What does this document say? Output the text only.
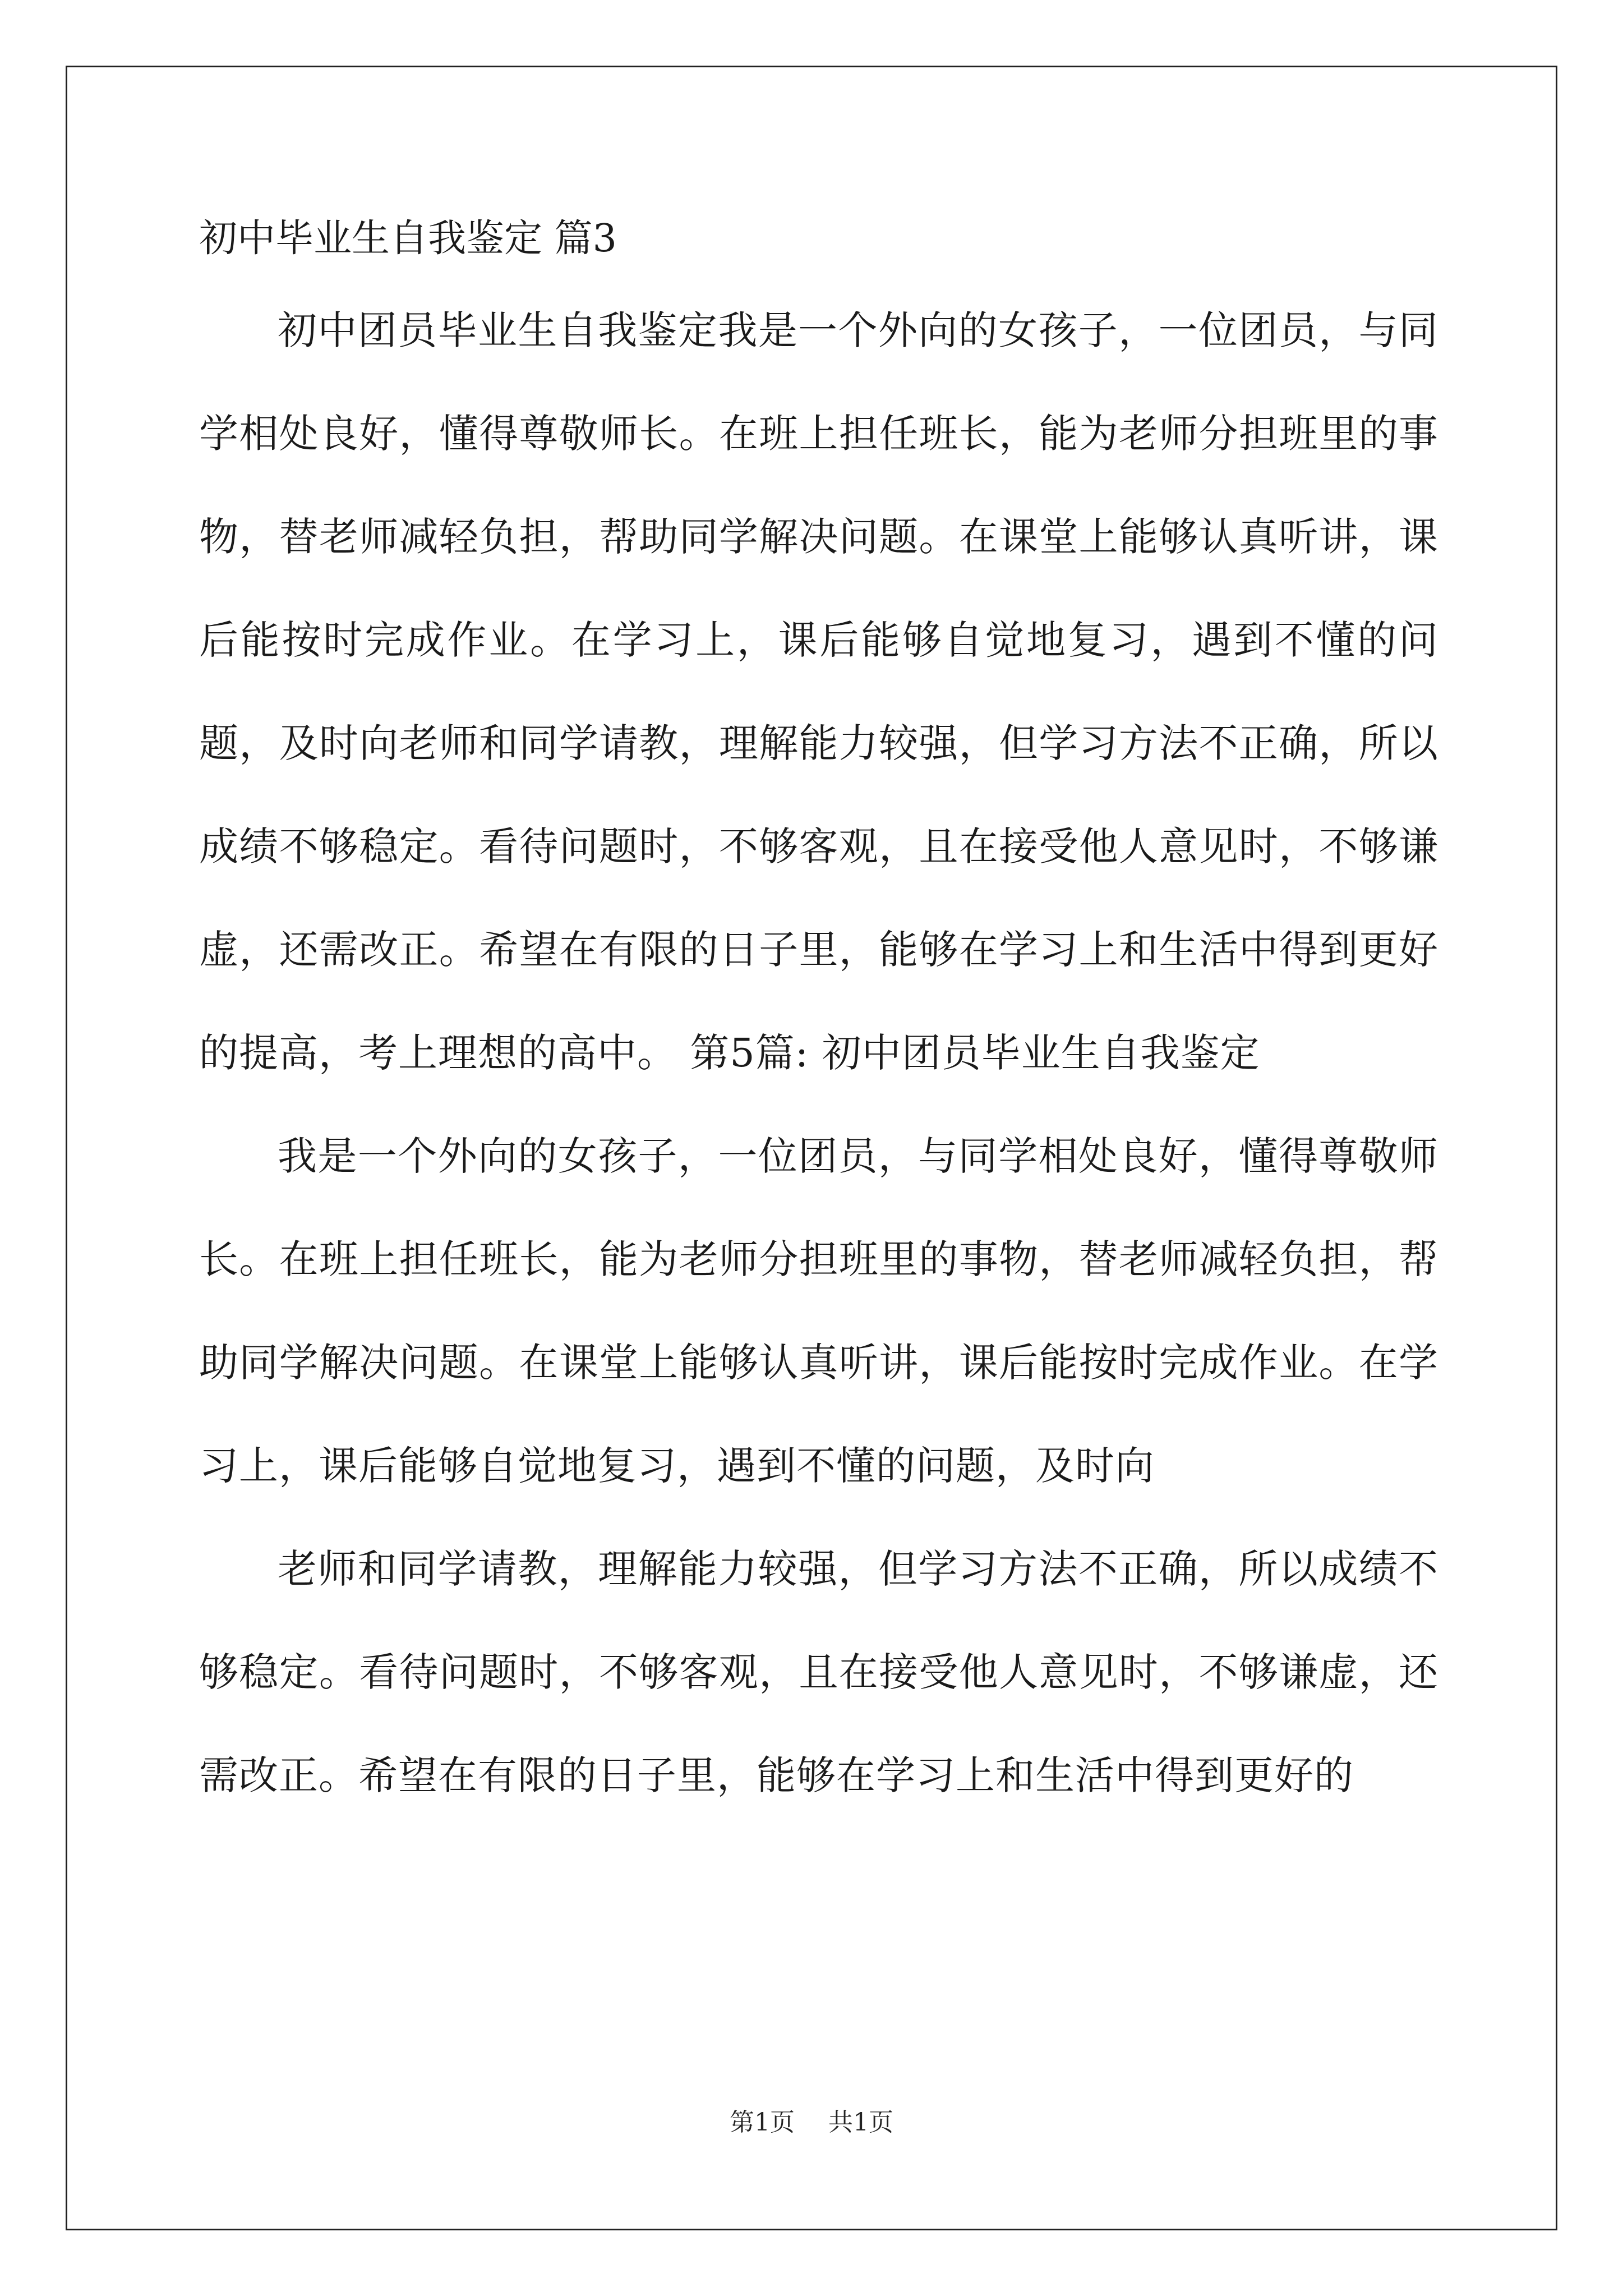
初中毕业生自我鉴定 篇3

初中团员毕业生自我鉴定我是一个外向的女孩子，一位团员，与同学相处良好，懂得尊敬师长。在班上担任班长，能为老师分担班里的事物，替老师减轻负担，帮助同学解决问题。在课堂上能够认真听讲，课后能按时完成作业。在学习上，课后能够自觉地复习，遇到不懂的问题，及时向老师和同学请教，理解能力较强，但学习方法不正确，所以成绩不够稳定。看待问题时，不够客观，且在接受他人意见时，不够谦虚，还需改正。希望在有限的日子里，能够在学习上和生活中得到更好的提高，考上理想的高中。 第5篇: 初中团员毕业生自我鉴定

我是一个外向的女孩子，一位团员，与同学相处良好，懂得尊敬师长。在班上担任班长，能为老师分担班里的事物，替老师减轻负担，帮助同学解决问题。在课堂上能够认真听讲，课后能按时完成作业。在学习上，课后能够自觉地复习，遇到不懂的问题，及时向

老师和同学请教，理解能力较强，但学习方法不正确，所以成绩不够稳定。看待问题时，不够客观，且在接受他人意见时，不够谦虚，还需改正。希望在有限的日子里，能够在学习上和生活中得到更好的

第1页 共1页
